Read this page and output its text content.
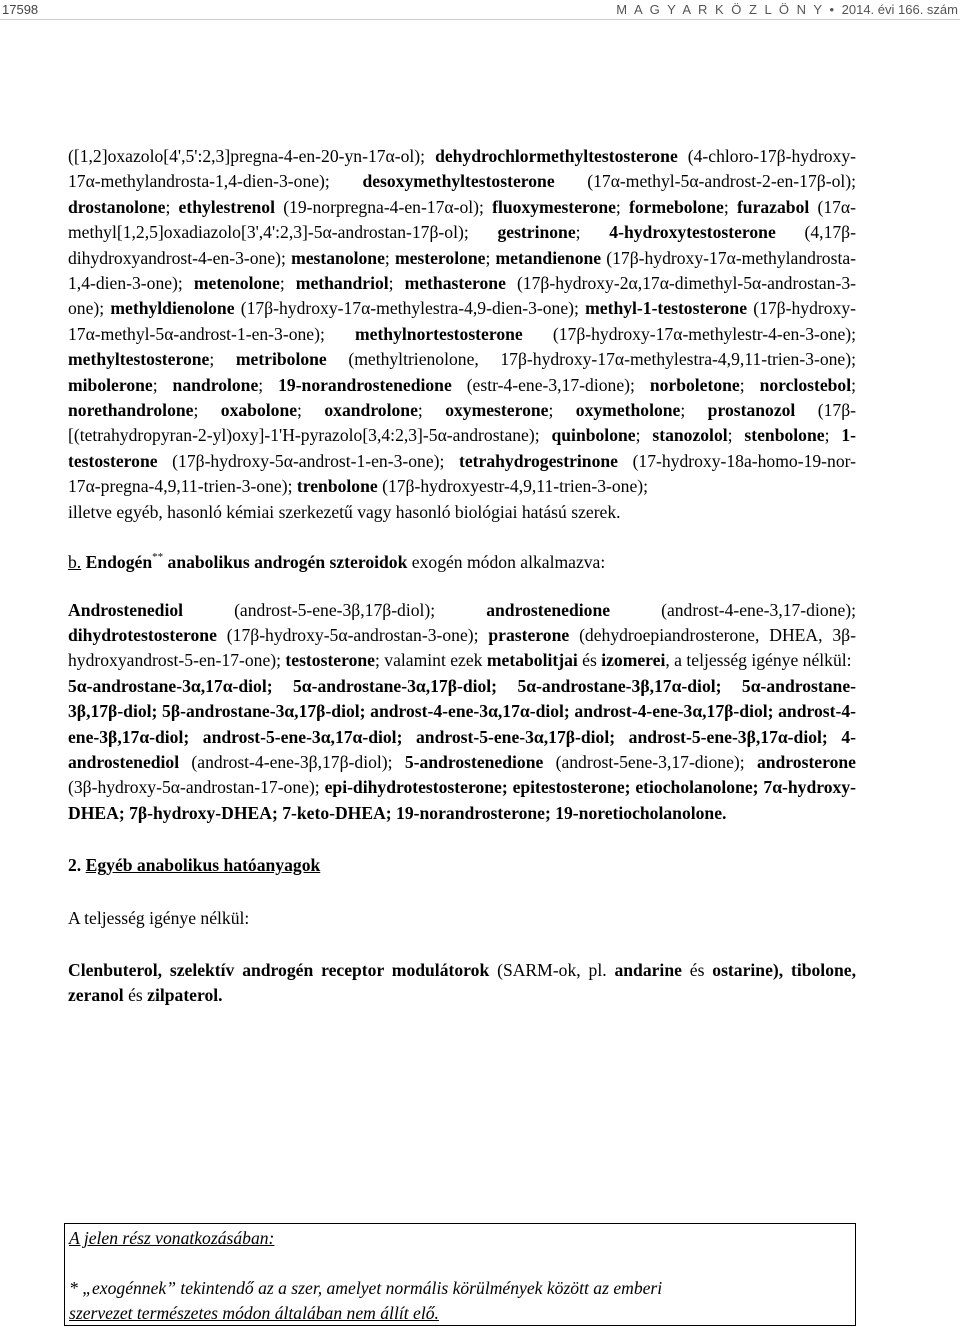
17598	M A G Y A R K Ö Z L Ö N Y • 2014. évi 166. szám

([1,2]oxazolo[4',5':2,3]pregna-4-en-20-yn-17α-ol); dehydrochlormethyltestosterone (4-chloro-17β-hydroxy-17α-methylandrosta-1,4-dien-3-one); desoxymethyltestosterone (17α-methyl-5α-androst-2-en-17β-ol); drostanolone; ethylestrenol (19-norpregna-4-en-17α-ol); fluoxymesterone; formebolone; furazabol (17α-methyl[1,2,5]oxadiazolo[3',4':2,3]-5α-androstan-17β-ol); gestrinone; 4-hydroxytestosterone (4,17β-dihydroxyandrost-4-en-3-one); mestanolone; mesterolone; metandienone (17β-hydroxy-17α-methylandrosta-1,4-dien-3-one); metenolone; methandriol; methasterone (17β-hydroxy-2α,17α-dimethyl-5α-androstan-3-one); methyldienolone (17β-hydroxy-17α-methylestra-4,9-dien-3-one); methyl-1-testosterone (17β-hydroxy-17α-methyl-5α-androst-1-en-3-one); methylnortestosterone (17β-hydroxy-17α-methylestr-4-en-3-one); methyltestosterone; metribolone (methyltrienolone, 17β-hydroxy-17α-methylestra-4,9,11-trien-3-one); mibolerone; nandrolone; 19-norandrostenedione (estr-4-ene-3,17-dione); norboletone; norclostebol; norethandrolone; oxabolone; oxandrolone; oxymesterone; oxymetholone; prostanozol (17β-[(tetrahydropyran-2-yl)oxy]-1'H-pyrazolo[3,4:2,3]-5α-androstane); quinbolone; stanozolol; stenbolone; 1-testosterone (17β-hydroxy-5α-androst-1-en-3-one); tetrahydrogestrinone (17-hydroxy-18a-homo-19-nor-17α-pregna-4,9,11-trien-3-one); trenbolone (17β-hydroxyestr-4,9,11-trien-3-one);

illetve egyéb, hasonló kémiai szerkezetű vagy hasonló biológiai hatású szerek.

b. Endogén** anabolikus androgén szteroidok exogén módon alkalmazva:

Androstenediol (androst-5-ene-3β,17β-diol); androstenedione (androst-4-ene-3,17-dione); dihydrotestosterone (17β-hydroxy-5α-androstan-3-one); prasterone (dehydroepiandrosterone, DHEA, 3β-hydroxyandrost-5-en-17-one); testosterone; valamint ezek metabolitjai és izomerei, a teljesség igénye nélkül:
5α-androstane-3α,17α-diol; 5α-androstane-3α,17β-diol; 5α-androstane-3β,17α-diol; 5α-androstane-3β,17β-diol; 5β-androstane-3α,17β-diol; androst-4-ene-3α,17α-diol; androst-4-ene-3α,17β-diol; androst-4-ene-3β,17α-diol; androst-5-ene-3α,17α-diol; androst-5-ene-3α,17β-diol; androst-5-ene-3β,17α-diol; 4-androstenediol (androst-4-ene-3β,17β-diol); 5-androstenedione (androst-5ene-3,17-dione); androsterone (3β-hydroxy-5α-androstan-17-one); epi-dihydrotestosterone; epitestosterone; etiocholanolone; 7α-hydroxy-DHEA; 7β-hydroxy-DHEA; 7-keto-DHEA; 19-norandrosterone; 19-noretiocholanolone.

2. Egyéb anabolikus hatóanyagok

A teljesség igénye nélkül:

Clenbuterol, szelektív androgén receptor modulátorok (SARM-ok, pl. andarine és ostarine), tibolone, zeranol és zilpaterol.

A jelen rész vonatkozásában:

* „exogénnek” tekintendő az a szer, amelyet normális körülmények között az emberi

szervezet természetes módon általában nem állít elő.
